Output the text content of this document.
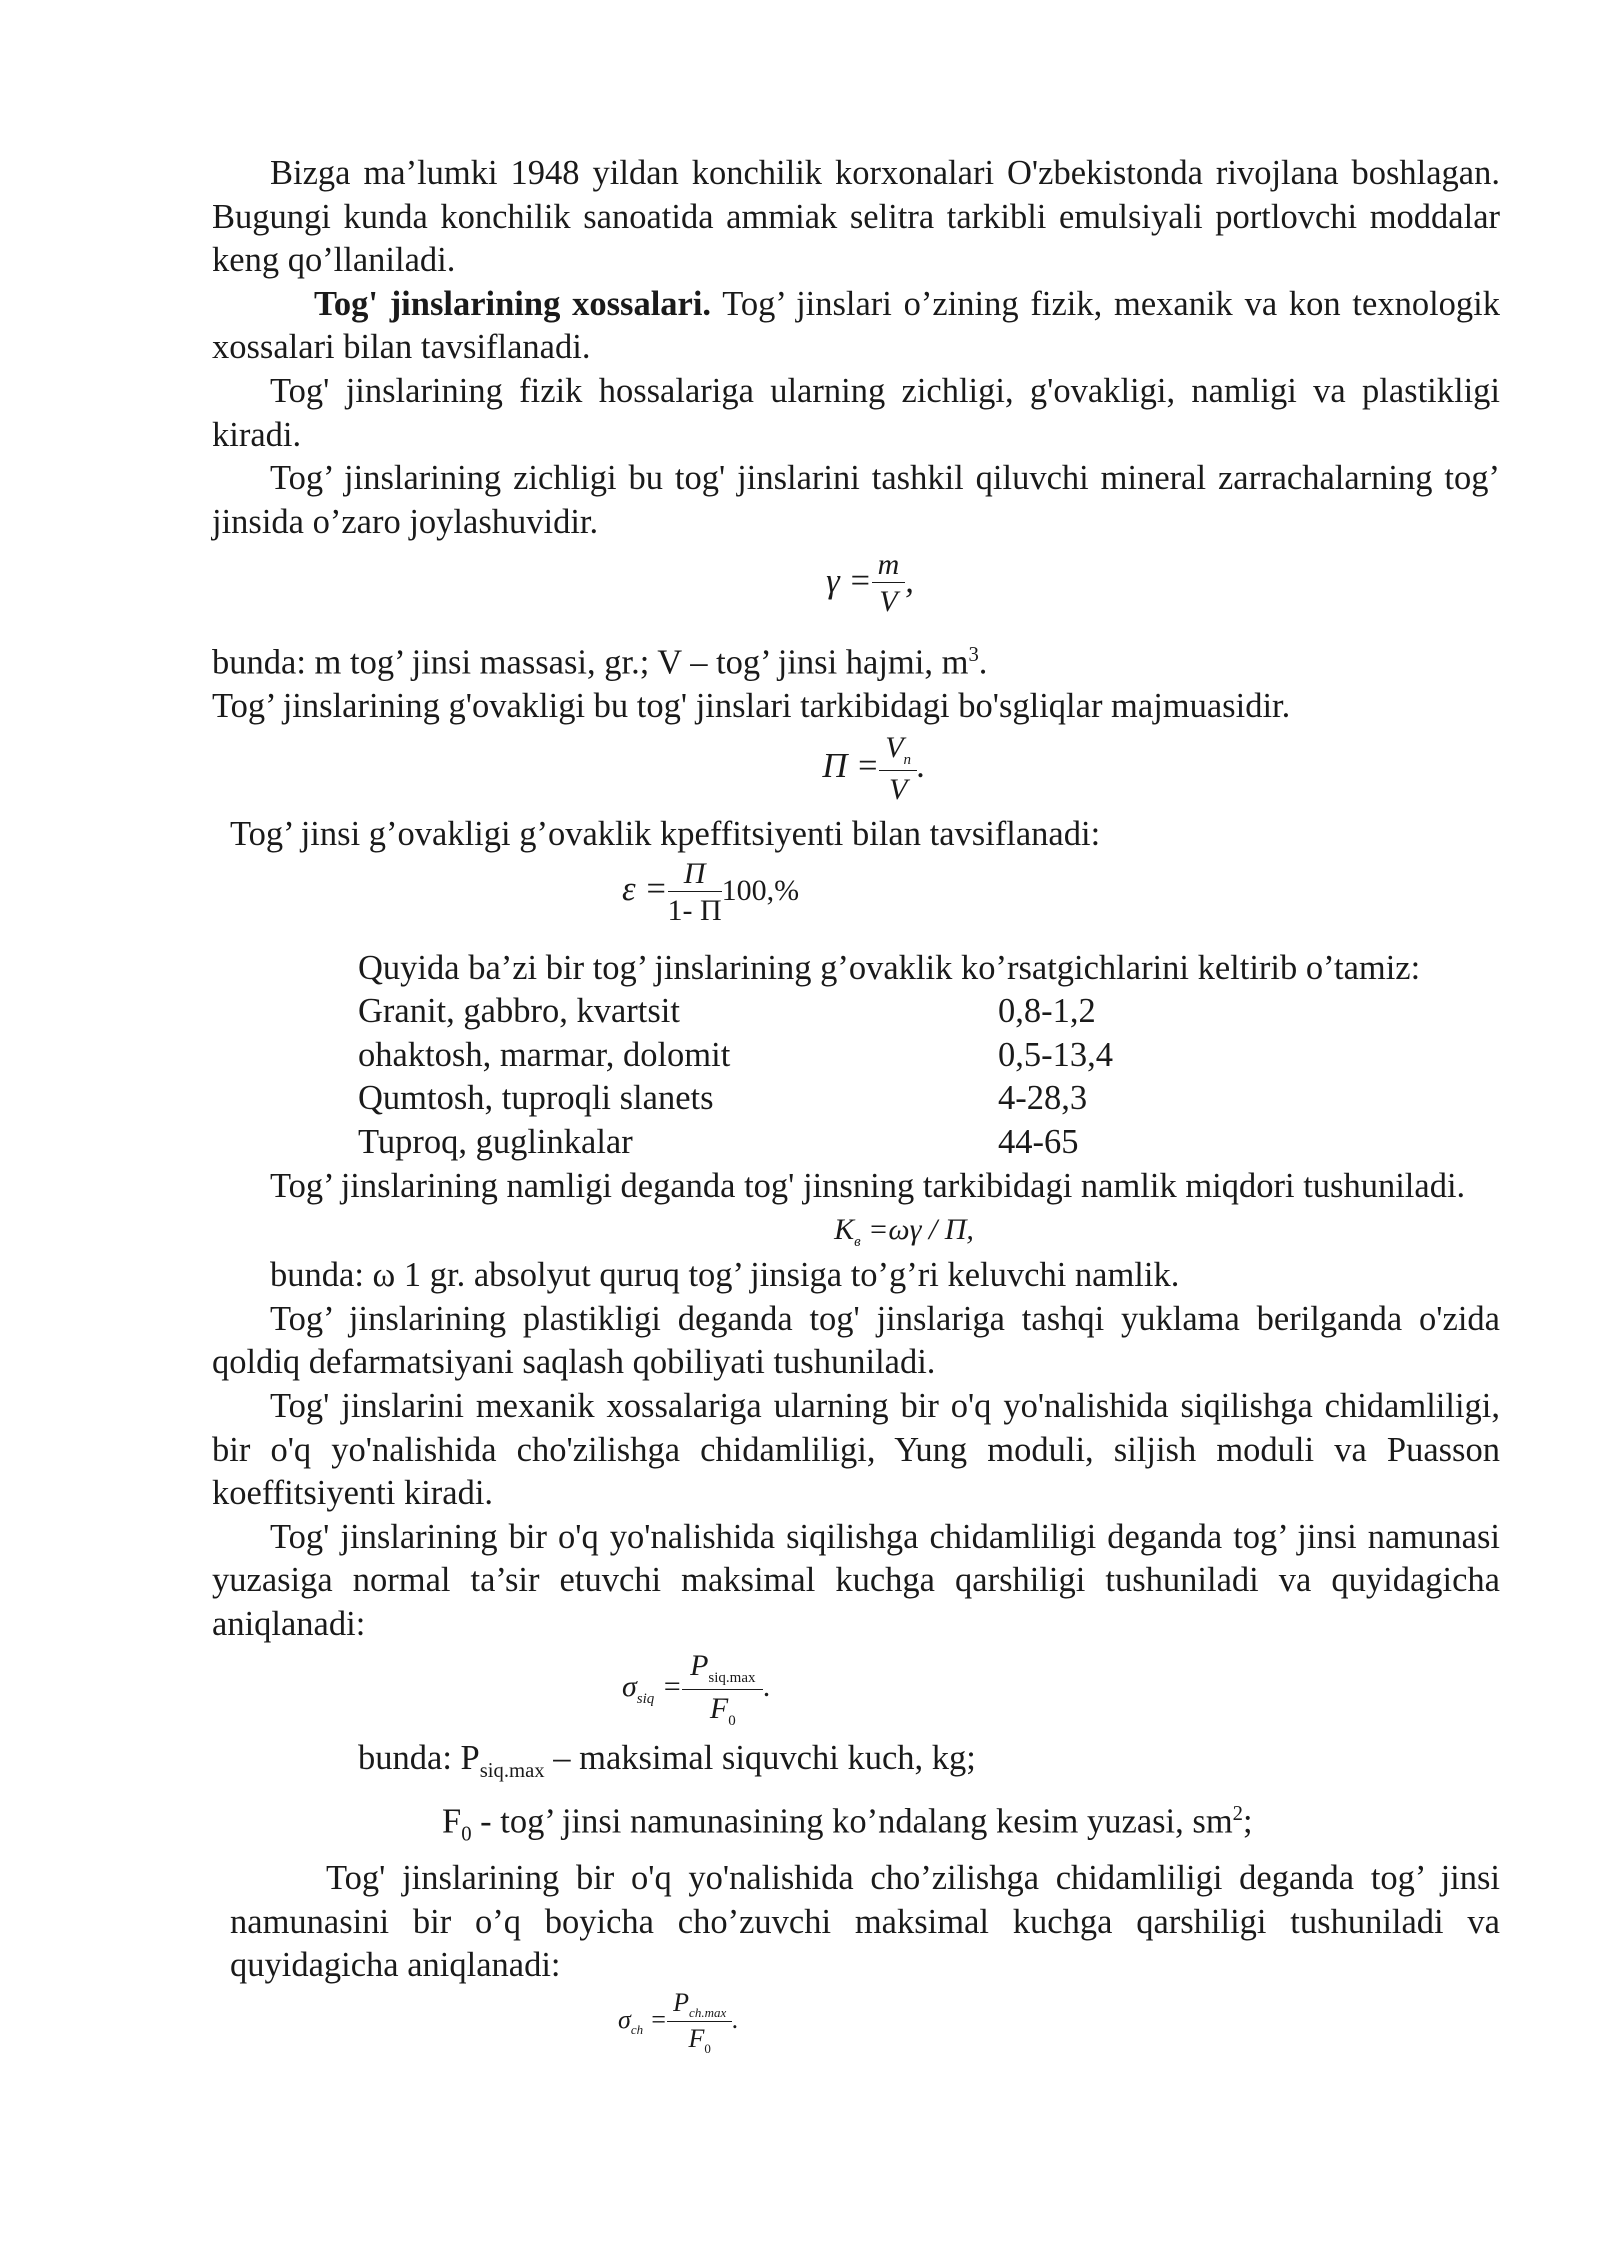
Bizga ma’lumki 1948 yildan konchilik korxonalari O'zbekistonda rivojlana boshlagan. Bugungi kunda konchilik sanoatida ammiak selitra tarkibli emulsiyali portlovchi moddalar keng qo’llaniladi.

Tog' jinslarining xossalari. Tog’ jinslari o’zining fizik, mexanik va kon texnologik xossalari bilan tavsiflanadi.

Tog' jinslarining fizik hossalariga ularning zichligi, g'ovakligi, namligi va plastikligi kiradi.

Tog’ jinslarining zichligi bu tog' jinslarini tashkil qiluvchi mineral zarrachalarning tog’ jinsida o’zaro joylashuvidir.

$\gamma = \frac{m}{V}$ ,

bunda: m tog’ jinsi massasi, gr.; V – tog’ jinsi hajmi, $m^3$.

Tog’ jinslarining g'ovakligi bu tog' jinslari tarkibidagi bo'sgliqlar majmuasidir.

$\Pi = \frac{V_п}{V}$ .

Tog’ jinsi g’ovakligi g’ovaklik kpeffitsiyenti bilan tavsiflanadi:

$\varepsilon = \frac{\Pi}{1- \Pi} 100,\%$

Quyida ba’zi bir tog’ jinslarining g’ovaklik ko’rsatgichlarini keltirib o’tamiz:

Granit, gabbro, kvartsit	0,8-1,2
ohaktosh, marmar, dolomit	0,5-13,4
Qumtosh, tuproqli slanets	4-28,3
Tuproq, guglinkalar	44-65

Tog’ jinslarining namligi deganda tog' jinsning tarkibidagi namlik miqdori tushuniladi.

$K_в =\omega\gamma / \Pi$,

bunda: ω 1 gr. absolyut quruq tog’ jinsiga to’g’ri keluvchi namlik.

Tog’ jinslarining plastikligi deganda tog' jinslariga tashqi yuklama berilganda o'zida qoldiq defarmatsiyani saqlash qobiliyati tushuniladi.

Tog' jinslarini mexanik xossalariga ularning bir o'q yo'nalishida siqilishga chidamliligi, bir o'q yo'nalishida cho'zilishga chidamliligi, Yung moduli, siljish moduli va Puasson koeffitsiyenti kiradi.

Tog' jinslarining bir o'q yo'nalishida siqilishga chidamliligi deganda tog’ jinsi namunasi yuzasiga normal ta’sir etuvchi maksimal kuchga qarshiligi tushuniladi va quyidagicha aniqlanadi:

$\sigma_{siq} = \frac{P_{siq.max}}{F_0}$ .

bunda: $P_{siq.max}$ – maksimal siquvchi kuch, kg;

$F_0$ - tog’ jinsi namunasining ko’ndalang kesim yuzasi, $sm^2$;

Tog' jinslarining bir o'q yo'nalishida cho’zilishga chidamliligi deganda tog’ jinsi namunasini bir o’q boyicha cho’zuvchi maksimal kuchga qarshiligi tushuniladi va quyidagicha aniqlanadi:

$\sigma_{ch} = \frac{P_{ch.max}}{F_0}$ .
